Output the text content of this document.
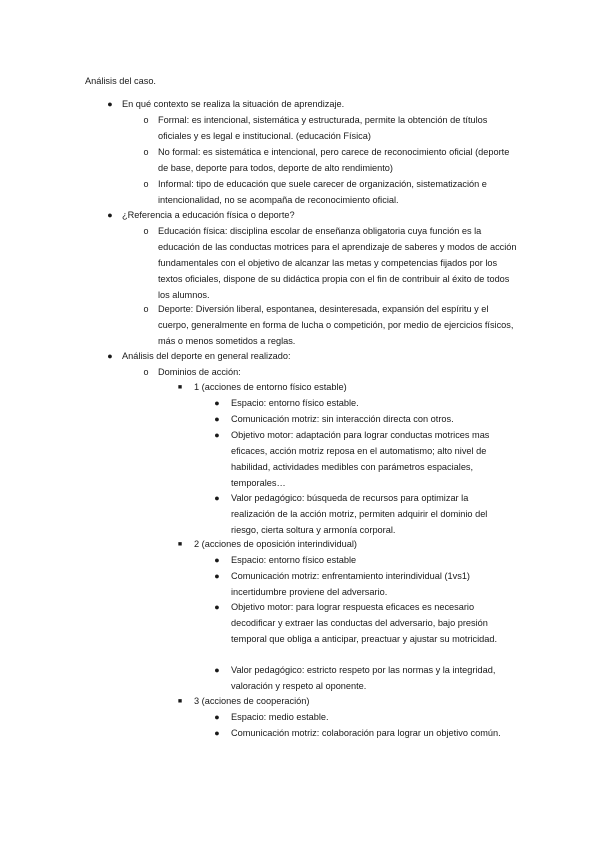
Análisis del caso.
●	En qué contexto se realiza la situación de aprendizaje.
o	Formal: es intencional, sistemática y estructurada, permite la obtención de títulos oficiales y es legal e institucional. (educación Física)
o	No formal: es sistemática e intencional, pero carece de reconocimiento oficial (deporte de base, deporte para todos, deporte de alto rendimiento)
o	Informal: tipo de educación que suele carecer de organización, sistematización e intencionalidad, no se acompaña de reconocimiento oficial.
●	¿Referencia a educación física o deporte?
o	Educación física: disciplina escolar de enseñanza obligatoria cuya función es la educación de las conductas motrices para el aprendizaje de saberes y modos de acción fundamentales con el objetivo de alcanzar las metas y competencias fijados por los textos oficiales, dispone de su didáctica propia con el fin de contribuir al éxito de todos los alumnos.
o	Deporte: Diversión liberal, espontanea, desinteresada, expansión del espíritu y el cuerpo, generalmente en forma de lucha o competición, por medio de ejercicios físicos, más o menos sometidos a reglas.
●	Análisis del deporte en general realizado:
o	Dominios de acción:
■	1 (acciones de entorno físico estable)
●	Espacio: entorno físico estable.
●	Comunicación motriz: sin interacción directa con otros.
●	Objetivo motor: adaptación para lograr conductas motrices mas eficaces, acción motriz reposa en el automatismo; alto nivel de habilidad, actividades medibles con parámetros espaciales, temporales…
●	Valor pedagógico: búsqueda de recursos para optimizar la realización de la acción motriz, permiten adquirir el dominio del riesgo, cierta soltura y armonía corporal.
■	2 (acciones de oposición interindividual)
●	Espacio: entorno físico estable
●	Comunicación motriz: enfrentamiento interindividual (1vs1) incertidumbre proviene del adversario.
●	Objetivo motor: para lograr respuesta eficaces es necesario decodificar y extraer las conductas del adversario, bajo presión temporal que obliga a anticipar, preactuar y ajustar su motricidad.
●	Valor pedagógico: estricto respeto por las normas y la integridad, valoración y respeto al oponente.
■	3 (acciones de cooperación)
●	Espacio: medio estable.
●	Comunicación motriz: colaboración para lograr un objetivo común.
